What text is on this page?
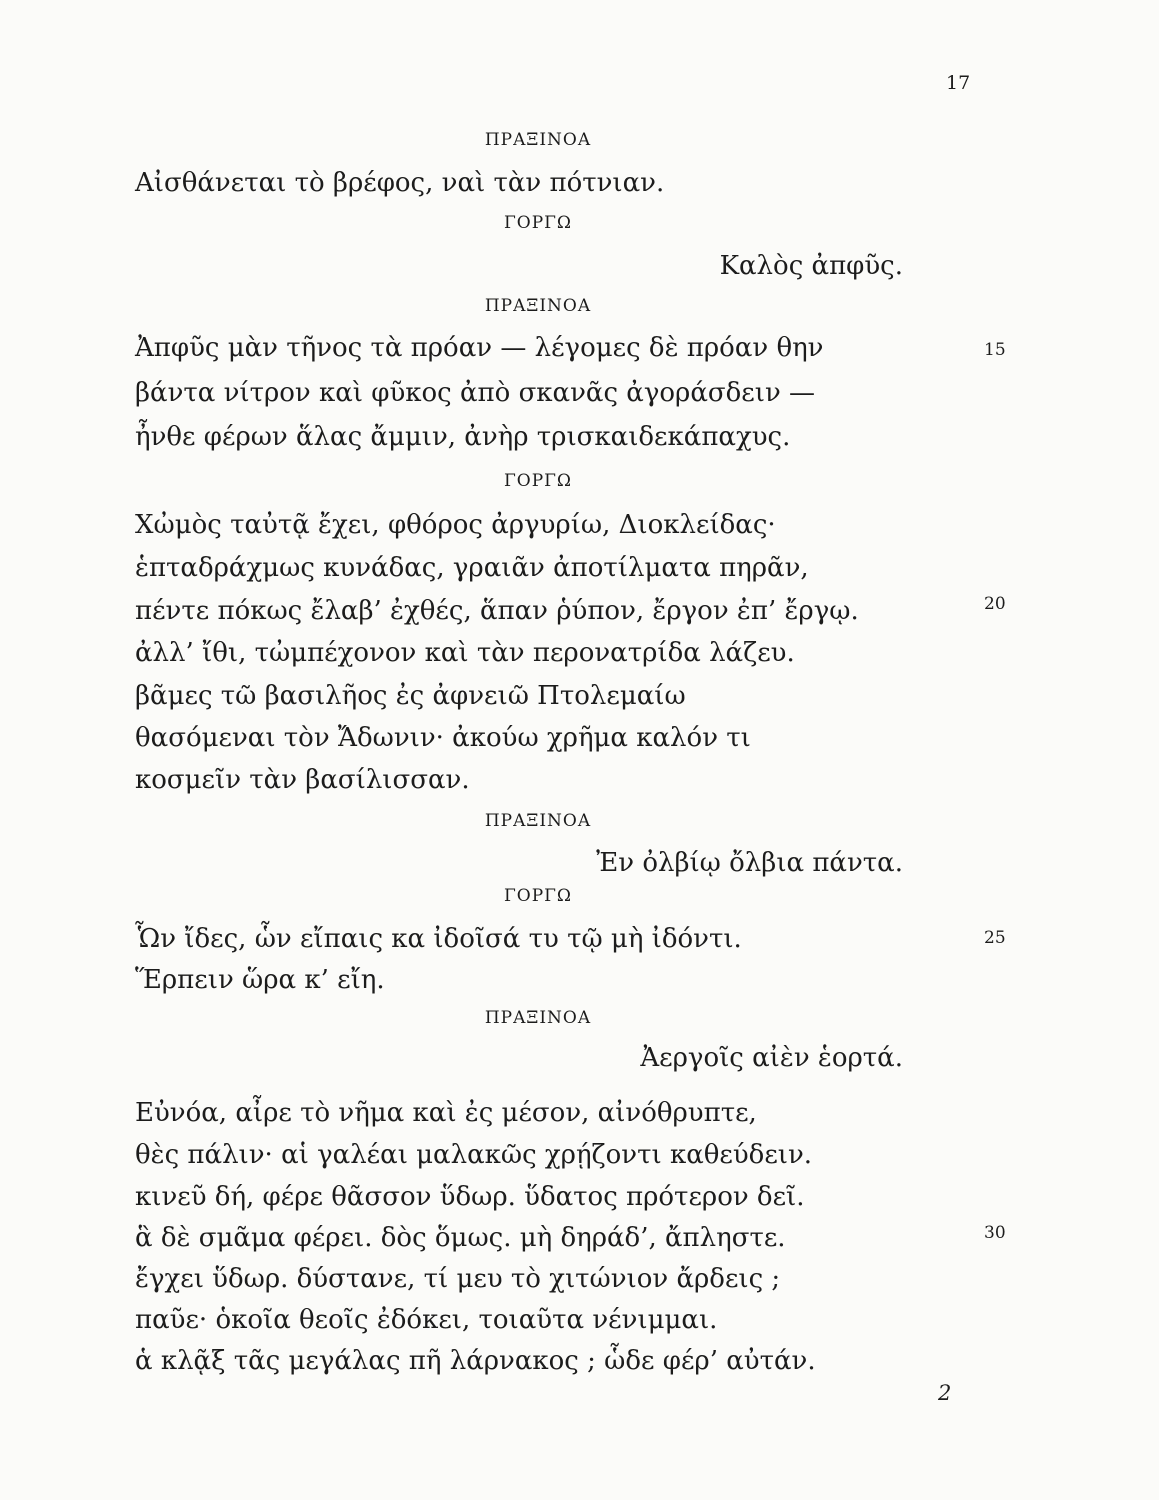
17
ΠΡΑΞΙΝΟΑ
Αἰσθάνεται τὸ βρέφος, ναὶ τὰν πότνιαν.
ΓΟΡΓΩ
Καλὸς ἀπφῦς.
ΠΡΑΞΙΝΟΑ
Ἀπφῦς μὰν τῆνος τὰ πρόαν — λέγομες δὲ πρόαν θην	15
βάντα νίτρον καὶ φῦκος ἀπὸ σκανᾶς ἀγοράσδειν —
ἦνθε φέρων ἅλας ἄμμιν, ἀνὴρ τρισκαιδεκάπαχυς.
ΓΟΡΓΩ
Χὠμὸς ταὐτᾷ ἔχει, φθόρος ἀργυρίω, Διοκλείδας·
ἑπταδράχμως κυνάδας, γραιᾶν ἀποτίλματα πηρᾶν,
πέντε πόκως ἔλαβ’ ἐχθές, ἅπαν ῥύπον, ἔργον ἐπ’ ἔργῳ.	20
ἀλλ’ ἴθι, τὠμπέχονον καὶ τὰν περονατρίδα λάζευ.
βᾶμες τῶ βασιλῆος ἐς ἀφνειῶ Πτολεμαίω
θασόμεναι τὸν Ἄδωνιν· ἀκούω χρῆμα καλόν τι
κοσμεῖν τὰν βασίλισσαν.
ΠΡΑΞΙΝΟΑ
Ἐν ὀλβίῳ ὄλβια πάντα.
ΓΟΡΓΩ
Ὧν ἴδες, ὧν εἴπαις κα ἰδοῖσά τυ τῷ μὴ ἰδόντι.	25
Ἕρπειν ὥρα κ’ εἴη.
ΠΡΑΞΙΝΟΑ
Ἀεργοῖς αἰὲν ἑορτά.
Εὐνόα, αἶρε τὸ νῆμα καὶ ἐς μέσον, αἰνόθρυπτε,
θὲς πάλιν· αἱ γαλέαι μαλακῶς χρῄζοντι καθεύδειν.
κινεῦ δή, φέρε θᾶσσον ὕδωρ. ὕδατος πρότερον δεῖ.
ἃ δὲ σμᾶμα φέρει. δὸς ὅμως. μὴ δηράδ’, ἄπληστε.	30
ἔγχει ὕδωρ. δύστανε, τί μευ τὸ χιτώνιον ἄρδεις ;
παῦε· ὁκοῖα θεοῖς ἐδόκει, τοιαῦτα νένιμμαι.
ἁ κλᾷξ τᾶς μεγάλας πῆ λάρνακος ; ὧδε φέρ’ αὐτάν.
2
